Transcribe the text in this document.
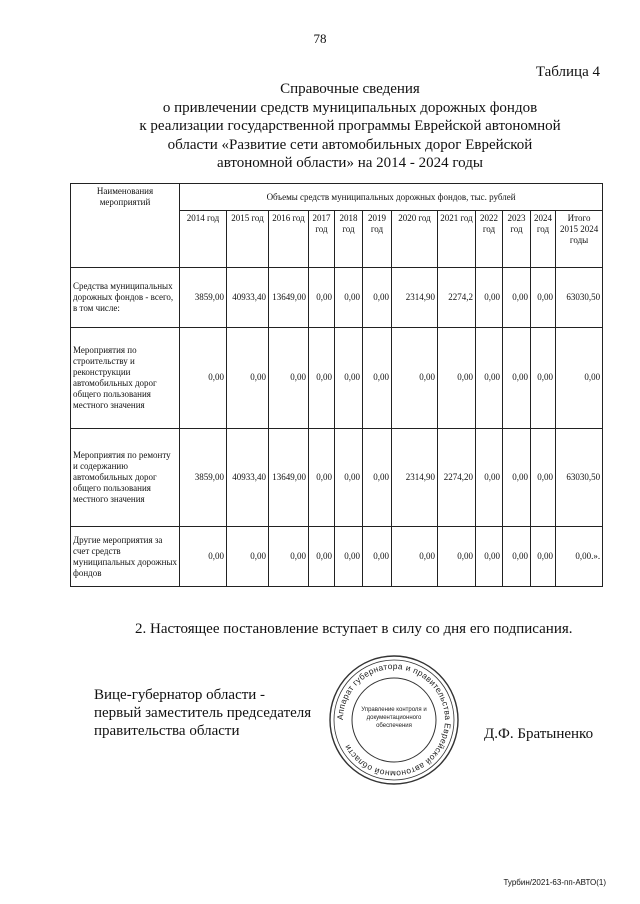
78
Таблица 4
Справочные сведения
о привлечении средств муниципальных дорожных фондов
к реализации государственной программы Еврейской автономной
области «Развитие сети автомобильных дорог Еврейской
автономной области» на 2014 - 2024 годы
Наименования мероприятий	Объемы средств муниципальных дорожных фондов, тыс. рублей											
	2014 год	2015 год	2016 год	2017 год	2018 год	2019 год	2020 год	2021 год	2022 год	2023 год	2024 год	Итого 2015 2024 годы
Средства муниципальных дорожных фондов - всего, в том числе:	3859,00	40933,40	13649,00	0,00	0,00	0,00	2314,90	2274,2	0,00	0,00	0,00	63030,50
Мероприятия по строительству и реконструкции автомобильных дорог общего пользования местного значения	0,00	0,00	0,00	0,00	0,00	0,00	0,00	0,00	0,00	0,00	0,00	0,00
Мероприятия по ремонту и содержанию автомобильных дорог общего пользования местного значения	3859,00	40933,40	13649,00	0,00	0,00	0,00	2314,90	2274,20	0,00	0,00	0,00	63030,50
Другие мероприятия за счет средств муниципальных дорожных фондов	0,00	0,00	0,00	0,00	0,00	0,00	0,00	0,00	0,00	0,00	0,00	0,00.».
2. Настоящее постановление вступает в силу со дня его подписания.
Вице-губернатор области -
первый заместитель председателя
правительства области
Аппарат губернатора и правительства Еврейской автономной области
Управление контроля и
документационного
обеспечения	Д.Ф. Братыненко
Турбин/2021-63-пп-АВТО(1)
